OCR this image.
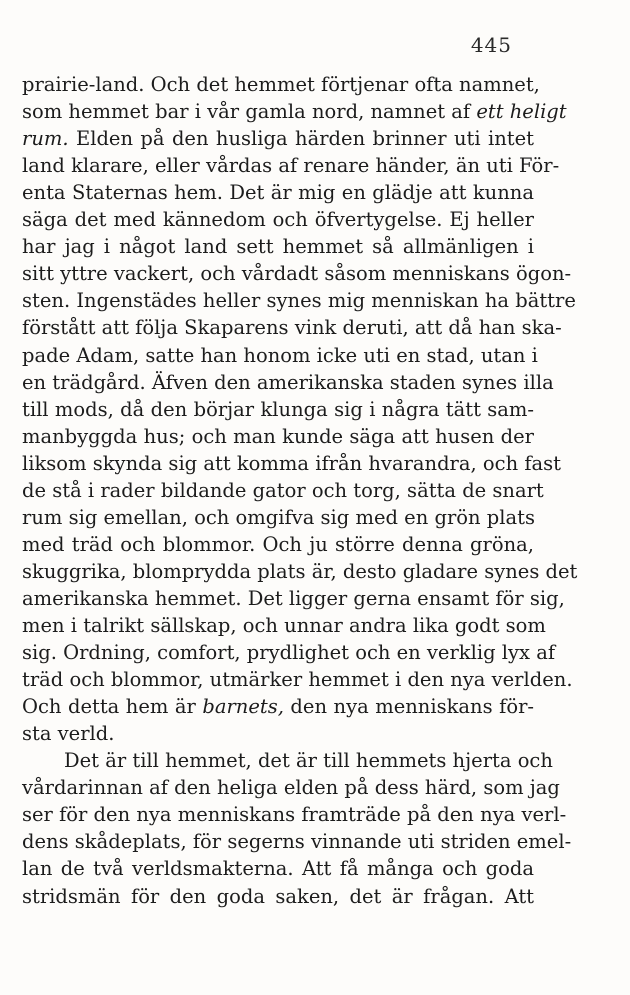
445
prairie-land. Och det hemmet förtjenar ofta namnet,
som hemmet bar i vår gamla nord, namnet af ett heligt
rum. Elden på den husliga härden brinner uti intet
land klarare, eller vårdas af renare händer, än uti För-
enta Staternas hem. Det är mig en glädje att kunna
säga det med kännedom och öfvertygelse. Ej heller
har jag i något land sett hemmet så allmänligen i
sitt yttre vackert, och vårdadt såsom menniskans ögon-
sten. Ingenstädes heller synes mig menniskan ha bättre
förstått att följa Skaparens vink deruti, att då han ska-
pade Adam, satte han honom icke uti en stad, utan i
en trädgård. Äfven den amerikanska staden synes illa
till mods, då den börjar klunga sig i några tätt sam-
manbyggda hus; och man kunde säga att husen der
liksom skynda sig att komma ifrån hvarandra, och fast
de stå i rader bildande gator och torg, sätta de snart
rum sig emellan, och omgifva sig med en grön plats
med träd och blommor. Och ju större denna gröna,
skuggrika, blomprydda plats är, desto gladare synes det
amerikanska hemmet. Det ligger gerna ensamt för sig,
men i talrikt sällskap, och unnar andra lika godt som
sig. Ordning, comfort, prydlighet och en verklig lyx af
träd och blommor, utmärker hemmet i den nya verlden.
Och detta hem är barnets, den nya menniskans för-
sta verld.
Det är till hemmet, det är till hemmets hjerta och
vårdarinnan af den heliga elden på dess härd, som jag
ser för den nya menniskans framträde på den nya verl-
dens skådeplats, för segerns vinnande uti striden emel-
lan de två verldsmakterna. Att få många och goda
stridsmän för den goda saken, det är frågan. Att
